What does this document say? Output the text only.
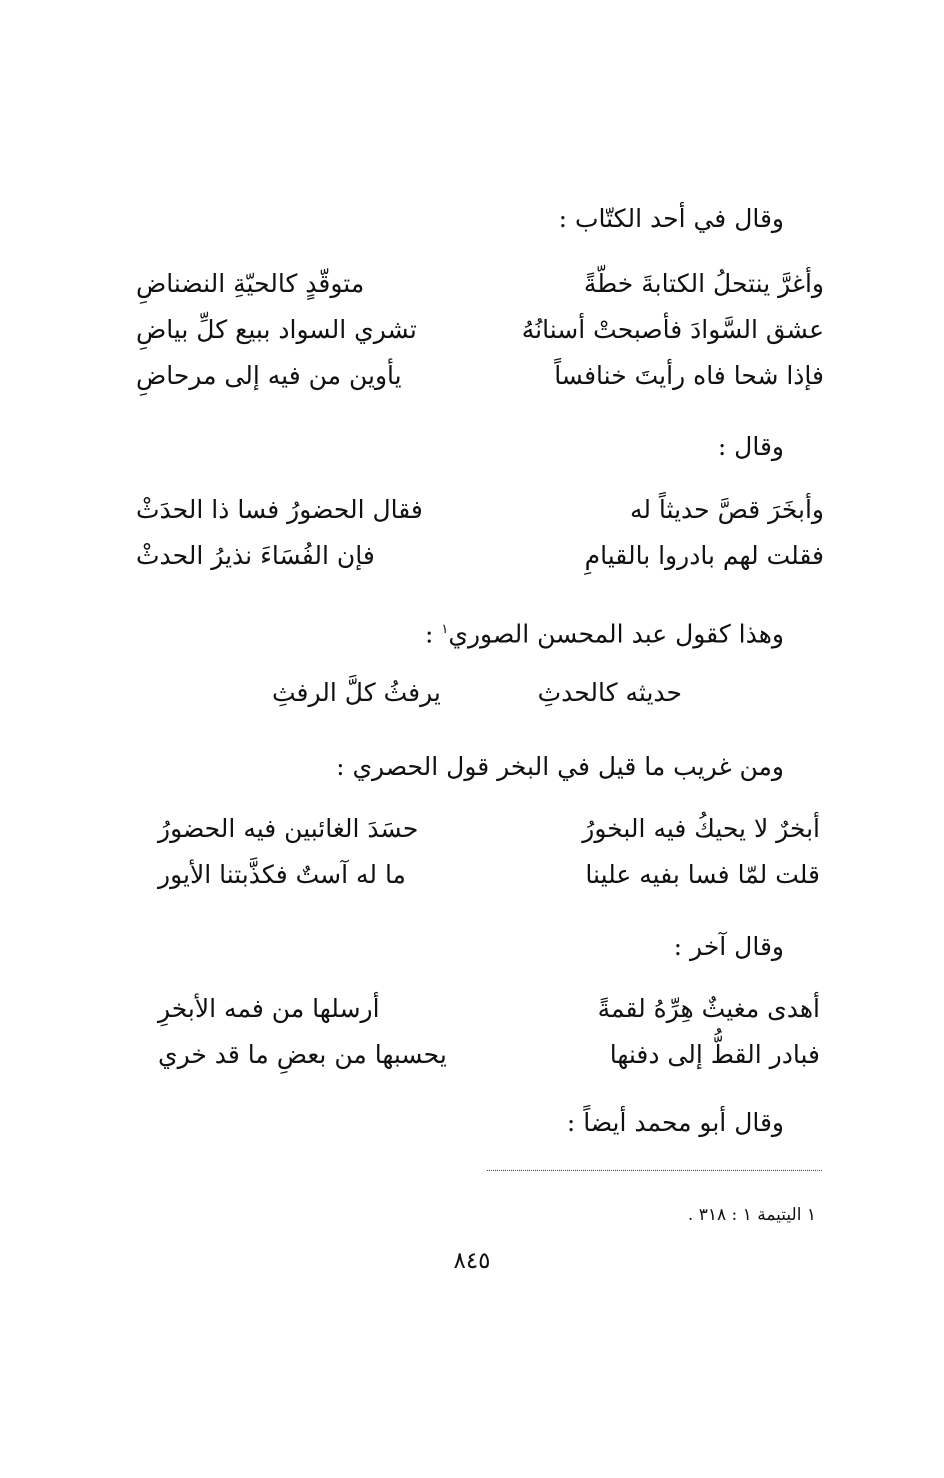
وقال في أحد الكتّاب :
وأغرَّ ينتحلُ الكتابةَ خطّةً
متوقّدٍ كالحيّةِ النضناضِ
عشق السَّوادَ فأصبحتْ أسنانُهُ
تشري السواد ببيع كلِّ بياضِ
فإذا شحا فاه رأيتَ خنافساً
يأوين من فيه إلى مرحاضِ
وقال :
وأبخَرَ قصَّ حديثاً له
فقال الحضورُ فسا ذا الحدَثْ
فقلت لهم بادروا بالقيامِ
فإن الفُسَاءَ نذيرُ الحدثْ
وهذا كقول عبد المحسن الصوري$^١$ :
حديثه كالحدثِ
يرفثُ كلَّ الرفثِ
ومن غريب ما قيل في البخر قول الحصري :
أبخرٌ لا يحيكُ فيه البخورُ
حسَدَ الغائبين فيه الحضورُ
قلت لمّا فسا بفيه علينا
ما له آستٌ فكذَّبتنا الأيور
وقال آخر :
أهدى مغيثٌ هِرِّهُ لقمةً
أرسلها من فمه الأبخرِ
فبادر القطُّ إلى دفنها
يحسبها من بعضِ ما قد خري
وقال أبو محمد أيضاً :
١ اليتيمة ١ : ٣١٨ .
٨٤٥
